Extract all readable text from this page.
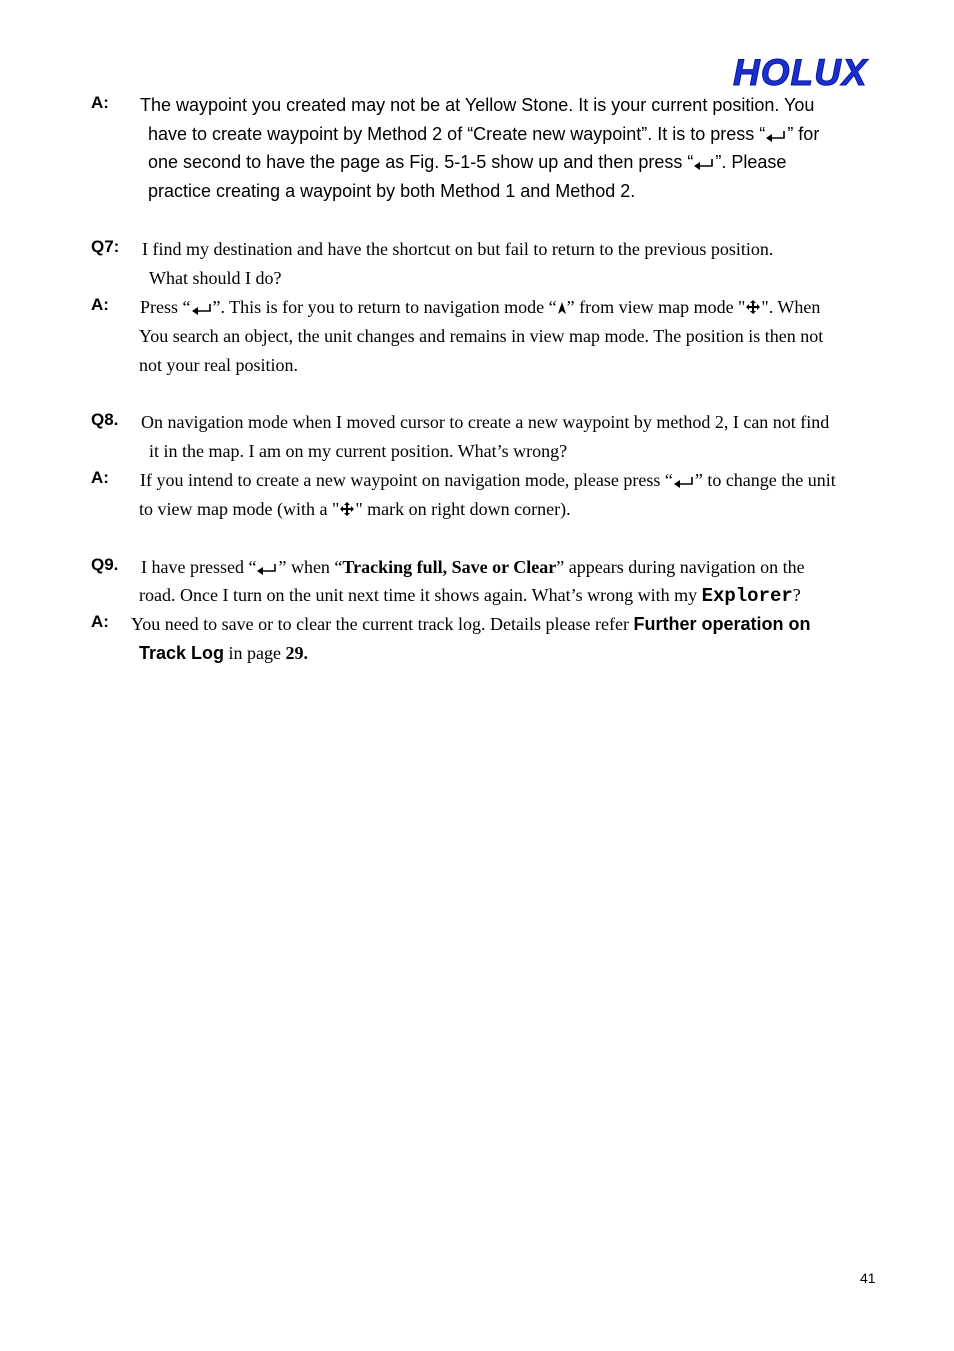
HOLUX
A: The waypoint you created may not be at Yellow Stone. It is your current position. You
have to create waypoint by Method 2 of “Create new waypoint”. It is to press “ ” for
one second to have the page as Fig. 5-1-5 show up and then press “ ”. Please
practice creating a waypoint by both Method 1 and Method 2.
Q7: I find my destination and have the shortcut on but fail to return to the previous position.
What should I do?
A: Press “ ”. This is for you to return to navigation mode “ ” from view map mode " ". When
You search an object, the unit changes and remains in view map mode. The position is then not
not your real position.
Q8. On navigation mode when I moved cursor to create a new waypoint by method 2, I can not find
it in the map. I am on my current position. What’s wrong?
A: If you intend to create a new waypoint on navigation mode, please press “ ” to change the unit
to view map mode (with a " " mark on right down corner).
Q9. I have pressed “ ” when “Tracking full, Save or Clear” appears during navigation on the
road. Once I turn on the unit next time it shows again. What’s wrong with my Explorer?
A: You need to save or to clear the current track log. Details please refer Further operation on
Track Log in page 29.
41
